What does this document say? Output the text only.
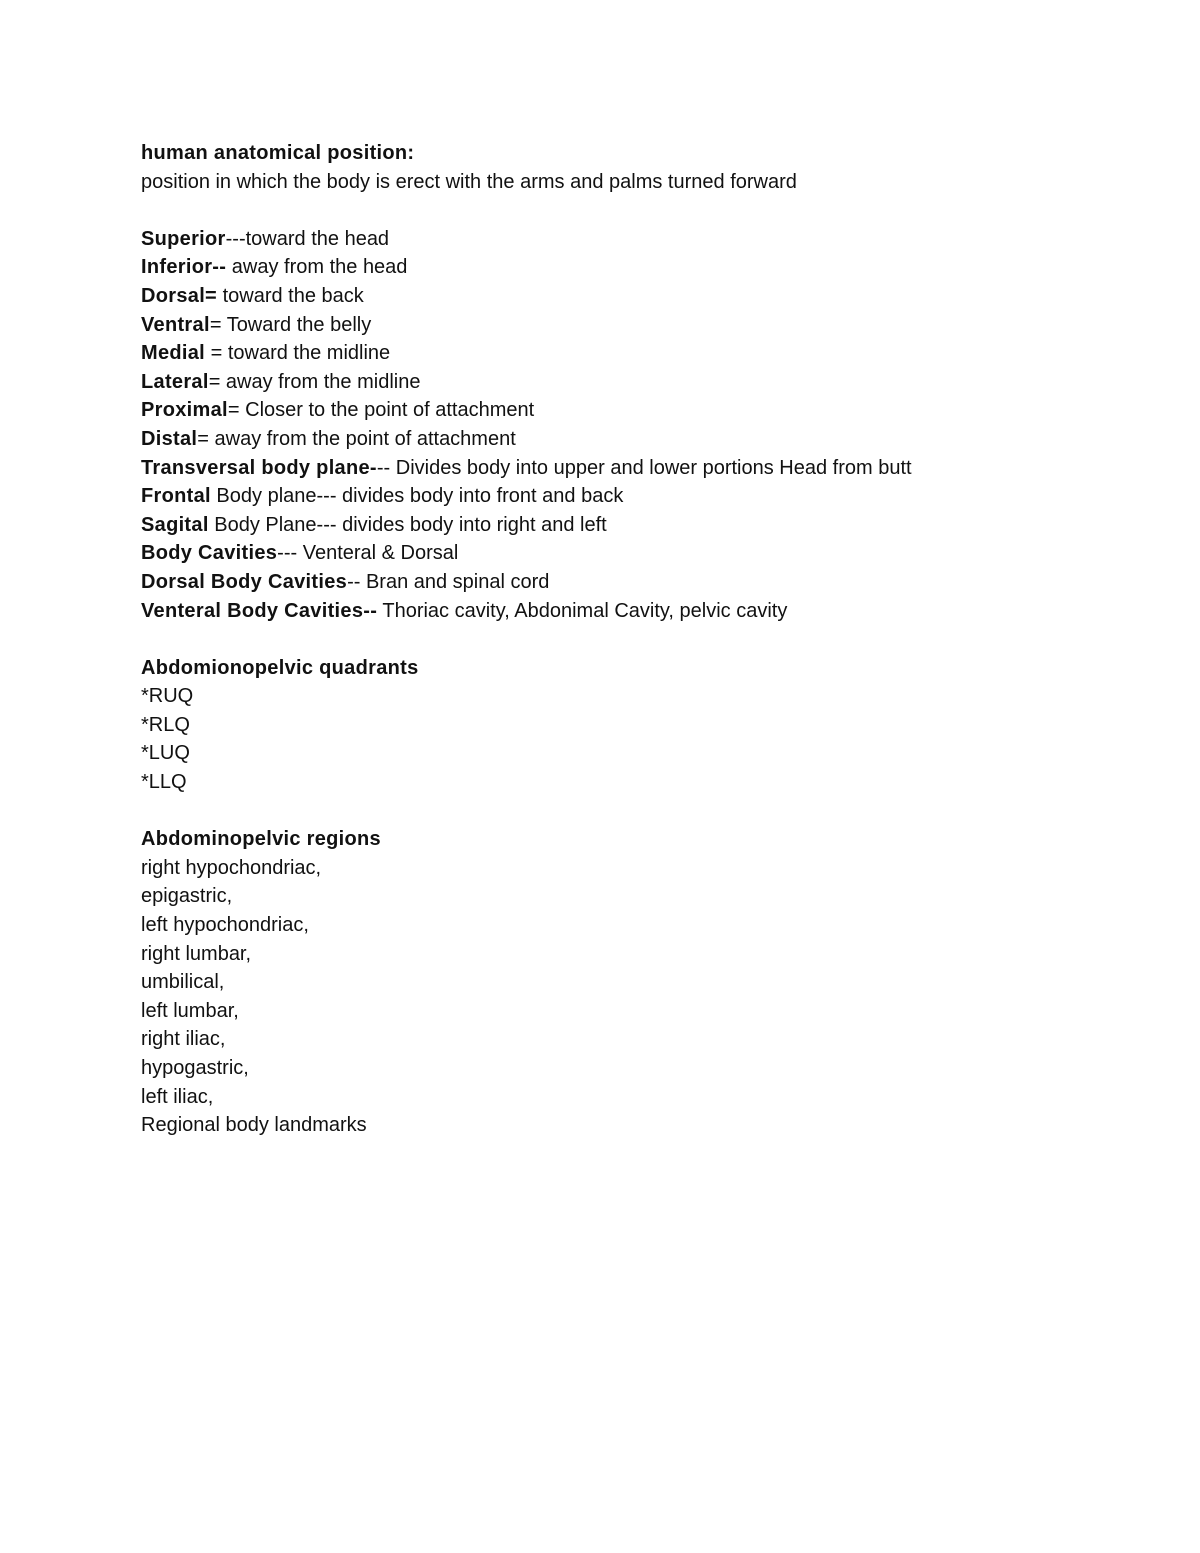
human anatomical position:
position in which the body is erect with the arms and palms turned forward
Superior---toward the head
Inferior-- away from the head
Dorsal= toward the back
Ventral= Toward the belly
Medial = toward the midline
Lateral= away from the midline
Proximal= Closer to the point of attachment
Distal= away from the point of attachment
Transversal body plane--- Divides body into upper and lower portions Head from butt
Frontal Body plane--- divides body into front and back
Sagital Body Plane--- divides body into right and left
Body Cavities--- Venteral & Dorsal
Dorsal Body Cavities-- Bran and spinal cord
Venteral Body Cavities-- Thoriac cavity, Abdonimal Cavity, pelvic cavity
Abdomionopelvic quadrants
*RUQ
*RLQ
*LUQ
*LLQ
Abdominopelvic regions
right hypochondriac,
epigastric,
left hypochondriac,
right lumbar,
umbilical,
left lumbar,
right iliac,
hypogastric,
left iliac,
Regional body landmarks
